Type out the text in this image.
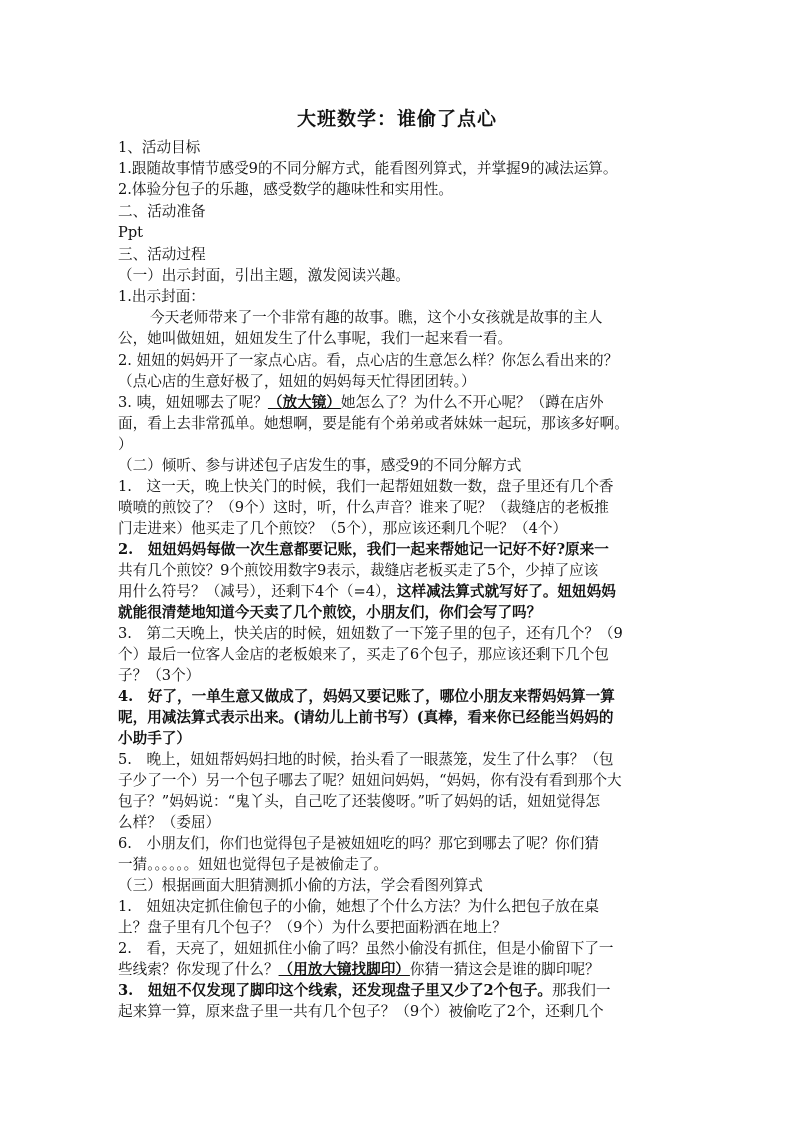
大班数学：谁偷了点心
1、活动目标
1.跟随故事情节感受9的不同分解方式，能看图列算式，并掌握9的减法运算。
2.体验分包子的乐趣，感受数学的趣味性和实用性。
二、活动准备
Ppt
三、活动过程
（一）出示封面，引出主题，激发阅读兴趣。
1.出示封面：
今天老师带来了一个非常有趣的故事。瞧，这个小女孩就是故事的主人
公，她叫做妞妞，妞妞发生了什么事呢，我们一起来看一看。
2. 妞妞的妈妈开了一家点心店。看，点心店的生意怎么样？你怎么看出来的？
（点心店的生意好极了，妞妞的妈妈每天忙得团团转。）
3. 咦，妞妞哪去了呢？（放大镜）她怎么了？为什么不开心呢？（蹲在店外
面，看上去非常孤单。她想啊，要是能有个弟弟或者妹妹一起玩，那该多好啊。
）
（二）倾听、参与讲述包子店发生的事，感受9的不同分解方式
1.　这一天，晚上快关门的时候，我们一起帮妞妞数一数，盘子里还有几个香
喷喷的煎饺了？（9个）这时，听，什么声音？谁来了呢？（裁缝店的老板推
门走进来）他买走了几个煎饺？（5个），那应该还剩几个呢？（4个）
2.　妞妞妈妈每做一次生意都要记账，我们一起来帮她记一记好不好?原来一
共有几个煎饺？9个煎饺用数字9表示，裁缝店老板买走了5个，少掉了应该
用什么符号？（减号），还剩下4个（=4），这样减法算式就写好了。妞妞妈妈
就能很清楚地知道今天卖了几个煎饺，小朋友们，你们会写了吗？
3.　第二天晚上，快关店的时候，妞妞数了一下笼子里的包子，还有几个？（9
个）最后一位客人金店的老板娘来了，买走了6个包子，那应该还剩下几个包
子？（3个）
4.　好了，一单生意又做成了，妈妈又要记账了，哪位小朋友来帮妈妈算一算
呢，用减法算式表示出来。(请幼儿上前书写）(真棒，看来你已经能当妈妈的
小助手了）
5.　晚上，妞妞帮妈妈扫地的时候，抬头看了一眼蒸笼，发生了什么事？（包
子少了一个）另一个包子哪去了呢？妞妞问妈妈，“妈妈，你有没有看到那个大
包子？”妈妈说：“鬼丫头，自己吃了还装傻呀。”听了妈妈的话，妞妞觉得怎
么样？（委屈）
6.　小朋友们，你们也觉得包子是被妞妞吃的吗？那它到哪去了呢？你们猜
一猜。。。。。。妞妞也觉得包子是被偷走了。
（三）根据画面大胆猜测抓小偷的方法，学会看图列算式
1.　妞妞决定抓住偷包子的小偷，她想了个什么方法？为什么把包子放在桌
上？盘子里有几个包子？（9个）为什么要把面粉洒在地上？
2.　看，天亮了，妞妞抓住小偷了吗？虽然小偷没有抓住，但是小偷留下了一
些线索？你发现了什么？（用放大镜找脚印）你猜一猜这会是谁的脚印呢？
3.　妞妞不仅发现了脚印这个线索，还发现盘子里又少了2个包子。那我们一
起来算一算，原来盘子里一共有几个包子？（9个）被偷吃了2个，还剩几个
